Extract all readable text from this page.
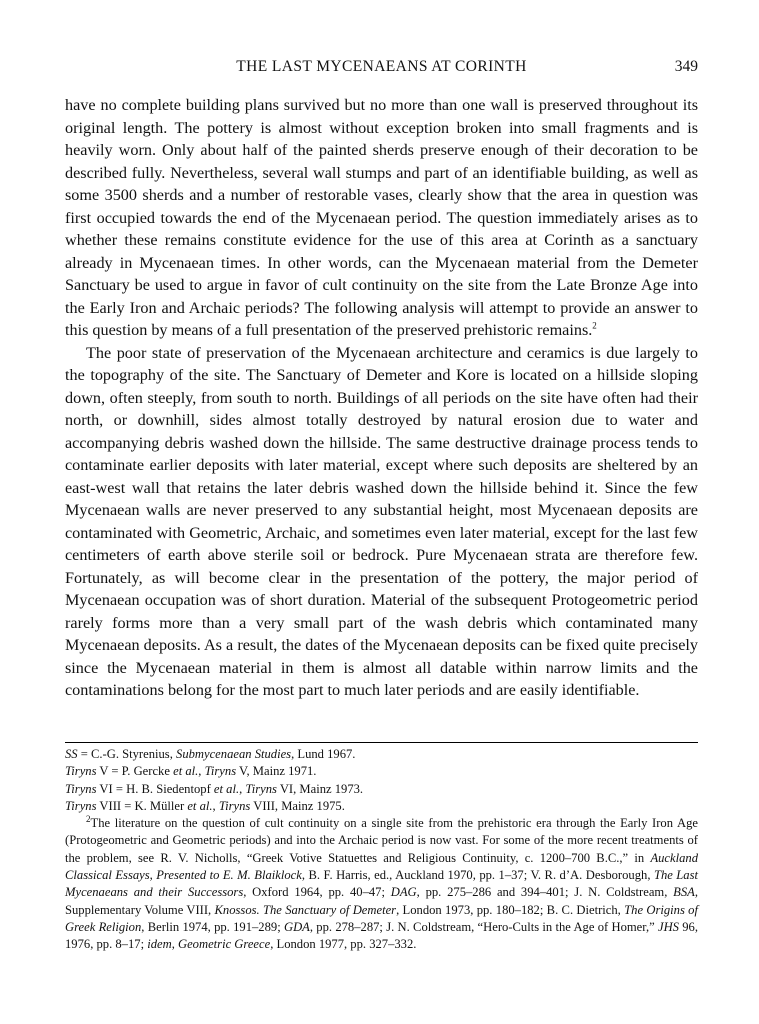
THE LAST MYCENAEANS AT CORINTH	349

have no complete building plans survived but no more than one wall is preserved throughout its original length. The pottery is almost without exception broken into small fragments and is heavily worn. Only about half of the painted sherds preserve enough of their decoration to be described fully. Nevertheless, several wall stumps and part of an identifiable building, as well as some 3500 sherds and a number of restorable vases, clearly show that the area in question was first occupied towards the end of the Mycenaean period. The question immediately arises as to whether these remains constitute evidence for the use of this area at Corinth as a sanctuary already in Mycenaean times. In other words, can the Mycenaean material from the Demeter Sanctuary be used to argue in favor of cult continuity on the site from the Late Bronze Age into the Early Iron and Archaic periods? The following analysis will attempt to provide an answer to this question by means of a full presentation of the preserved prehistoric remains.$^2$

The poor state of preservation of the Mycenaean architecture and ceramics is due largely to the topography of the site. The Sanctuary of Demeter and Kore is located on a hillside sloping down, often steeply, from south to north. Buildings of all periods on the site have often had their north, or downhill, sides almost totally destroyed by natural erosion due to water and accompanying debris washed down the hillside. The same destructive drainage process tends to contaminate earlier deposits with later material, except where such deposits are sheltered by an east-west wall that retains the later debris washed down the hillside behind it. Since the few Mycenaean walls are never preserved to any substantial height, most Mycenaean deposits are contaminated with Geometric, Archaic, and sometimes even later material, except for the last few centimeters of earth above sterile soil or bedrock. Pure Mycenaean strata are therefore few. Fortunately, as will become clear in the presentation of the pottery, the major period of Mycenaean occupation was of short duration. Material of the subsequent Protogeometric period rarely forms more than a very small part of the wash debris which contaminated many Mycenaean deposits. As a result, the dates of the Mycenaean deposits can be fixed quite precisely since the Mycenaean material in them is almost all datable within narrow limits and the contaminations belong for the most part to much later periods and are easily identifiable.

SS = C.-G. Styrenius, Submycenaean Studies, Lund 1967.

Tiryns V = P. Gercke et al., Tiryns V, Mainz 1971.

Tiryns VI = H. B. Siedentopf et al., Tiryns VI, Mainz 1973.

Tiryns VIII = K. Müller et al., Tiryns VIII, Mainz 1975.

$^2$The literature on the question of cult continuity on a single site from the prehistoric era through the Early Iron Age (Protogeometric and Geometric periods) and into the Archaic period is now vast. For some of the more recent treatments of the problem, see R. V. Nicholls, “Greek Votive Statuettes and Religious Continuity, c. 1200–700 B.C.,” in Auckland Classical Essays, Presented to E. M. Blaiklock, B. F. Harris, ed., Auckland 1970, pp. 1–37; V. R. d’A. Desborough, The Last Mycenaeans and their Successors, Oxford 1964, pp. 40–47; DAG, pp. 275–286 and 394–401; J. N. Coldstream, BSA, Supplementary Volume VIII, Knossos. The Sanctuary of Demeter, London 1973, pp. 180–182; B. C. Dietrich, The Origins of Greek Religion, Berlin 1974, pp. 191–289; GDA, pp. 278–287; J. N. Coldstream, “Hero-Cults in the Age of Homer,” JHS 96, 1976, pp. 8–17; idem, Geometric Greece, London 1977, pp. 327–332.
